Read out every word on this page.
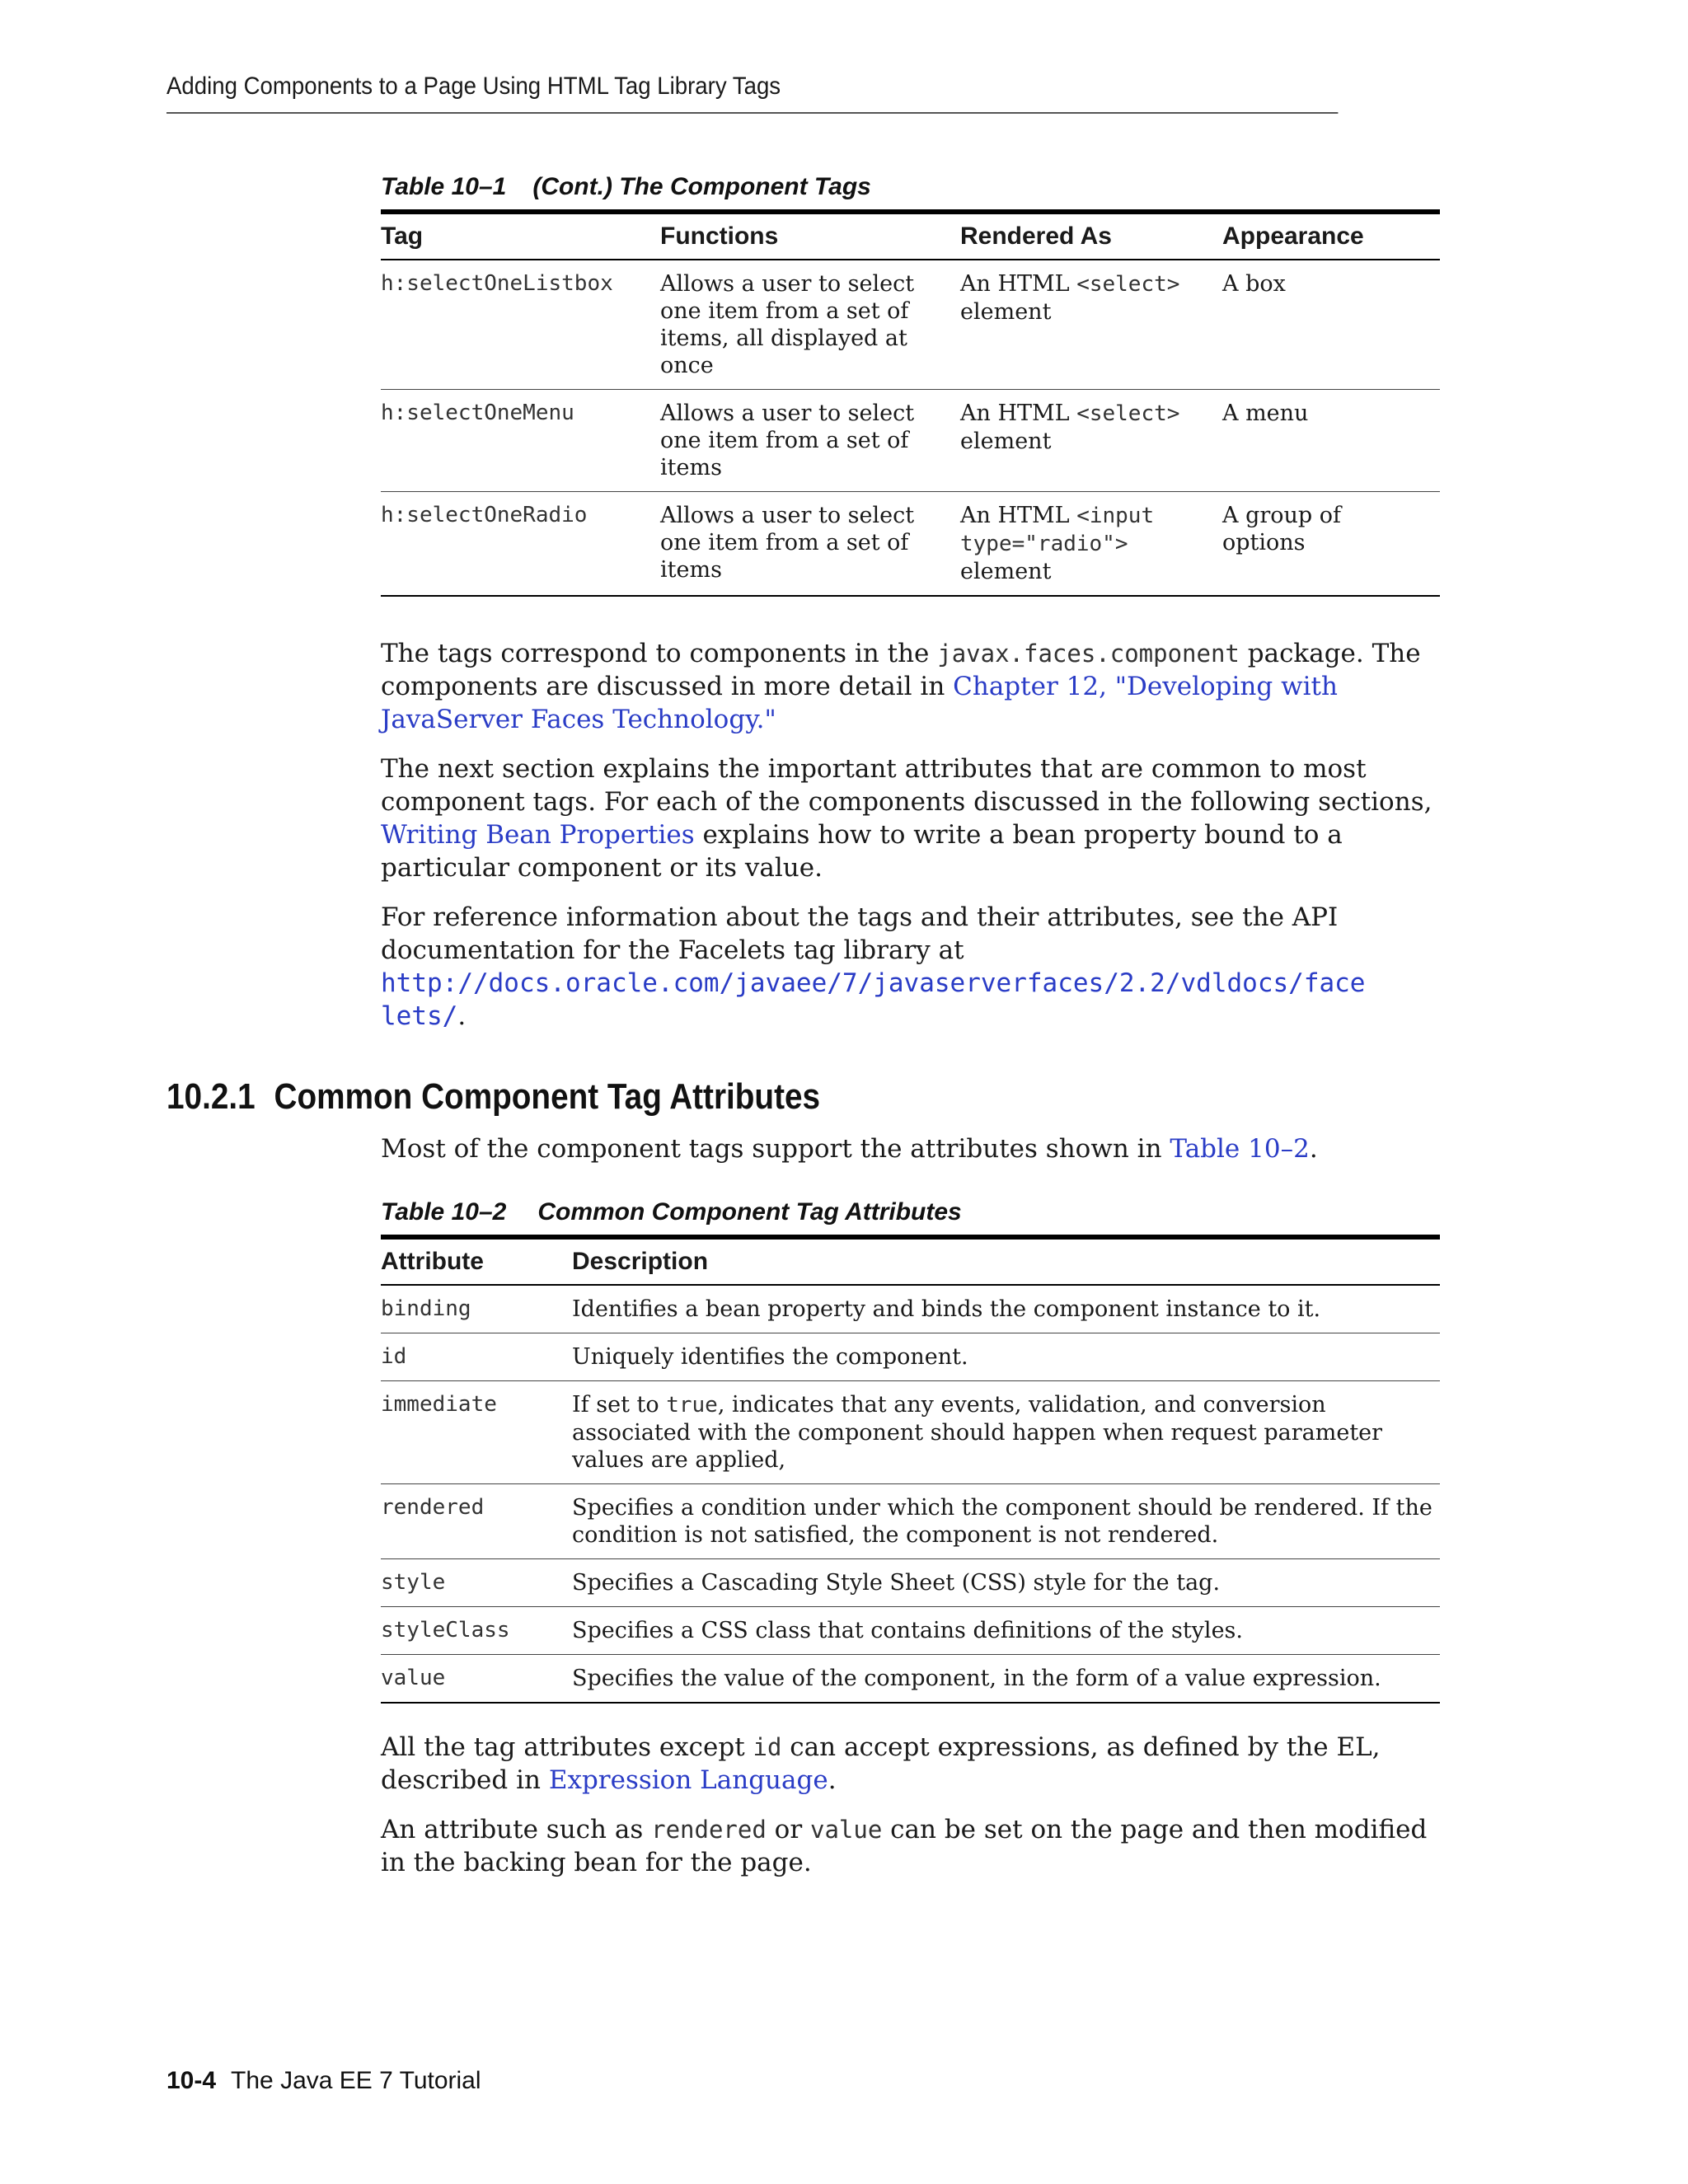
Adding Components to a Page Using HTML Tag Library Tags
Table 10–1 (Cont.) The Component Tags
Tag	Functions	Rendered As	Appearance
h:selectOneListbox	Allows a user to select one item from a set of items, all displayed at once	An HTML <select> element	A box
h:selectOneMenu	Allows a user to select one item from a set of items	An HTML <select> element	A menu
h:selectOneRadio	Allows a user to select one item from a set of items	An HTML <input type="radio"> element	A group of options

The tags correspond to components in the javax.faces.component package. The components are discussed in more detail in Chapter 12, "Developing with JavaServer Faces Technology."

The next section explains the important attributes that are common to most component tags. For each of the components discussed in the following sections, Writing Bean Properties explains how to write a bean property bound to a particular component or its value.

For reference information about the tags and their attributes, see the API documentation for the Facelets tag library at
http://docs.oracle.com/javaee/7/javaserverfaces/2.2/vdldocs/face
lets/.

10.2.1 Common Component Tag Attributes

Most of the component tags support the attributes shown in Table 10–2.

Table 10–2 Common Component Tag Attributes
Attribute	Description
binding	Identifies a bean property and binds the component instance to it.
id	Uniquely identifies the component.
immediate	If set to true, indicates that any events, validation, and conversion associated with the component should happen when request parameter values are applied,
rendered	Specifies a condition under which the component should be rendered. If the condition is not satisfied, the component is not rendered.
style	Specifies a Cascading Style Sheet (CSS) style for the tag.
styleClass	Specifies a CSS class that contains definitions of the styles.
value	Specifies the value of the component, in the form of a value expression.

All the tag attributes except id can accept expressions, as defined by the EL, described in Expression Language.

An attribute such as rendered or value can be set on the page and then modified in the backing bean for the page.

10-4 The Java EE 7 Tutorial
